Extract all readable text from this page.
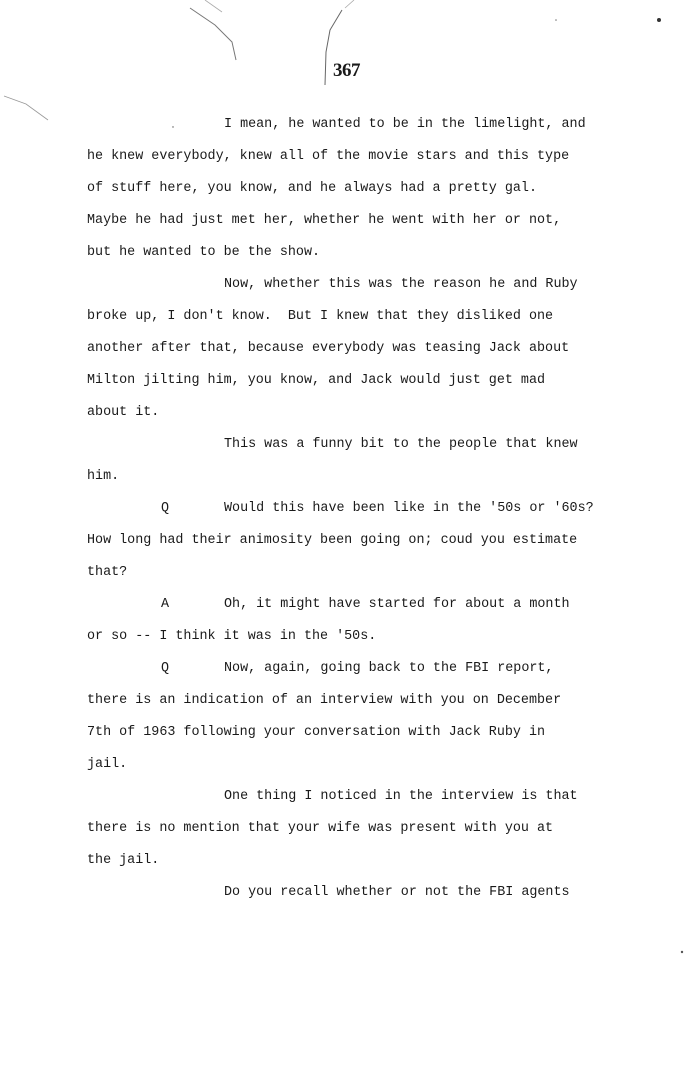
367
I mean, he wanted to be in the limelight, and
he knew everybody, knew all of the movie stars and this type
of stuff here, you know, and he always had a pretty gal.
Maybe he had just met her, whether he went with her or not,
but he wanted to be the show.
Now, whether this was the reason he and Ruby
broke up, I don't know.  But I knew that they disliked one
another after that, because everybody was teasing Jack about
Milton jilting him, you know, and Jack would just get mad
about it.
This was a funny bit to the people that knew
him.
Q	Would this have been like in the '50s or '60s?
How long had their animosity been going on; coud you estimate
that?
A	Oh, it might have started for about a month
or so -- I think it was in the '50s.
Q	Now, again, going back to the FBI report,
there is an indication of an interview with you on December
7th of 1963 following your conversation with Jack Ruby in
jail.
One thing I noticed in the interview is that
there is no mention that your wife was present with you at
the jail.
Do you recall whether or not the FBI agents
